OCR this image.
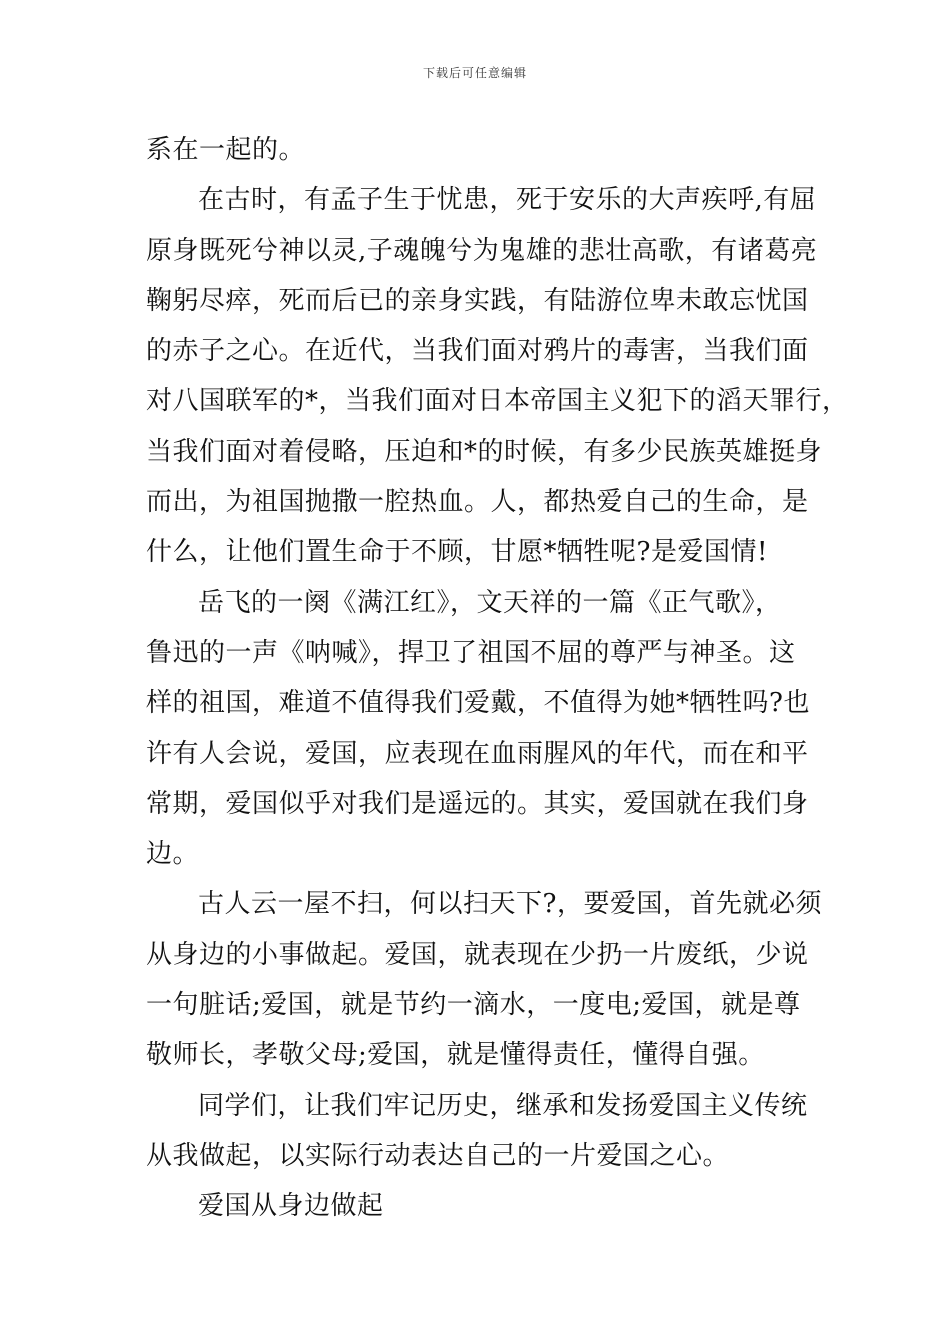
下载后可任意编辑
系在一起的。
在古时，有孟子生于忧患，死于安乐的大声疾呼,有屈
原身既死兮神以灵,子魂魄兮为鬼雄的悲壮高歌，有诸葛亮
鞠躬尽瘁，死而后已的亲身实践，有陆游位卑未敢忘忧国
的赤子之心。在近代，当我们面对鸦片的毒害，当我们面
对八国联军的*，当我们面对日本帝国主义犯下的滔天罪行，
当我们面对着侵略，压迫和*的时候，有多少民族英雄挺身
而出，为祖国抛撒一腔热血。人，都热爱自己的生命，是
什么，让他们置生命于不顾，甘愿*牺牲呢?是爱国情!
岳飞的一阕《满江红》，文天祥的一篇《正气歌》，
鲁迅的一声《呐喊》，捍卫了祖国不屈的尊严与神圣。这
样的祖国，难道不值得我们爱戴，不值得为她*牺牲吗?也
许有人会说，爱国，应表现在血雨腥风的年代，而在和平
常期，爱国似乎对我们是遥远的。其实，爱国就在我们身
边。
古人云一屋不扫，何以扫天下?，要爱国，首先就必须
从身边的小事做起。爱国，就表现在少扔一片废纸，少说
一句脏话;爱国，就是节约一滴水，一度电;爱国，就是尊
敬师长，孝敬父母;爱国，就是懂得责任，懂得自强。
同学们，让我们牢记历史，继承和发扬爱国主义传统
从我做起，以实际行动表达自己的一片爱国之心。
爱国从身边做起
